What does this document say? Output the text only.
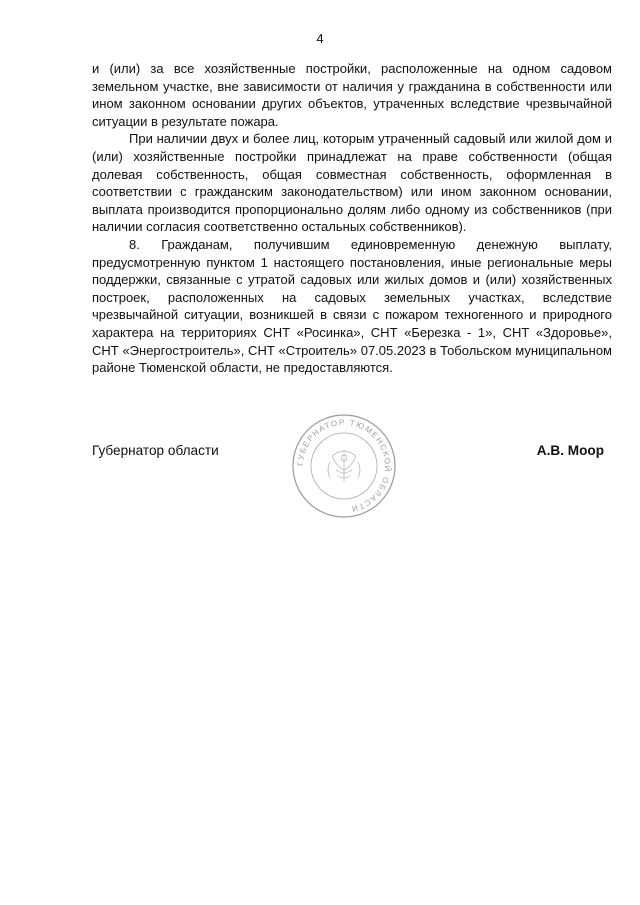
4

и (или) за все хозяйственные постройки, расположенные на одном садовом земельном участке, вне зависимости от наличия у гражданина в собственности или ином законном основании других объектов, утраченных вследствие чрезвычайной ситуации в результате пожара.

При наличии двух и более лиц, которым утраченный садовый или жилой дом и (или) хозяйственные постройки принадлежат на праве собственности (общая долевая собственность, общая совместная собственность, оформленная в соответствии с гражданским законодательством) или ином законном основании, выплата производится пропорционально долям либо одному из собственников (при наличии согласия соответственно остальных собственников).

8. Гражданам, получившим единовременную денежную выплату, предусмотренную пунктом 1 настоящего постановления, иные региональные меры поддержки, связанные с утратой садовых или жилых домов и (или) хозяйственных построек, расположенных на садовых земельных участках, вследствие чрезвычайной ситуации, возникшей в связи с пожаром техногенного и природного характера на территориях СНТ «Росинка», СНТ «Березка - 1», СНТ «Здоровье», СНТ «Энергостроитель», СНТ «Строитель» 07.05.2023 в Тобольском муниципальном районе Тюменской области, не предоставляются.

Губернатор области	А.В. Моор
ГУБЕРНАТОР ТЮМЕНСКОЙ ОБЛАСТИ
